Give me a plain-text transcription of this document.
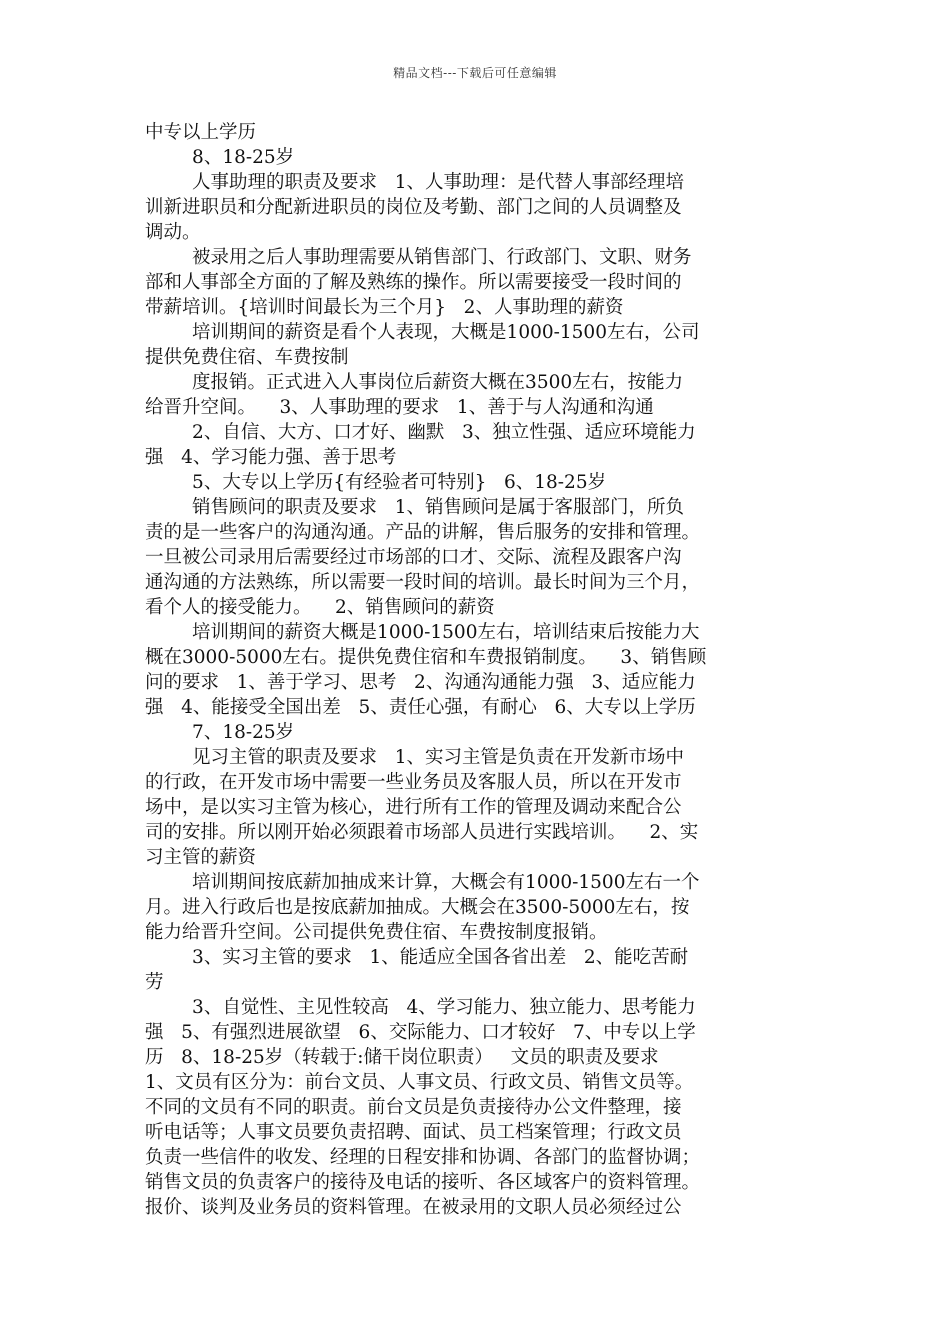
精品文档---下载后可任意编辑
中专以上学历
8、18-25岁
人事助理的职责及要求   1、人事助理：是代替人事部经理培
训新进职员和分配新进职员的岗位及考勤、部门之间的人员调整及
调动。
被录用之后人事助理需要从销售部门、行政部门、文职、财务
部和人事部全方面的了解及熟练的操作。所以需要接受一段时间的
带薪培训。{培训时间最长为三个月}   2、人事助理的薪资
培训期间的薪资是看个人表现，大概是1000-1500左右，公司
提供免费住宿、车费按制
度报销。正式进入人事岗位后薪资大概在3500左右，按能力
给晋升空间。    3、人事助理的要求   1、善于与人沟通和沟通
2、自信、大方、口才好、幽默   3、独立性强、适应环境能力
强   4、学习能力强、善于思考
5、大专以上学历{有经验者可特别}   6、18-25岁
销售顾问的职责及要求   1、销售顾问是属于客服部门，所负
责的是一些客户的沟通沟通。产品的讲解，售后服务的安排和管理。
一旦被公司录用后需要经过市场部的口才、交际、流程及跟客户沟
通沟通的方法熟练，所以需要一段时间的培训。最长时间为三个月，
看个人的接受能力。    2、销售顾问的薪资
培训期间的薪资大概是1000-1500左右，培训结束后按能力大
概在3000-5000左右。提供免费住宿和车费报销制度。    3、销售顾
问的要求   1、善于学习、思考   2、沟通沟通能力强   3、适应能力
强   4、能接受全国出差   5、责任心强，有耐心   6、大专以上学历
7、18-25岁
见习主管的职责及要求   1、实习主管是负责在开发新市场中
的行政，在开发市场中需要一些业务员及客服人员，所以在开发市
场中，是以实习主管为核心，进行所有工作的管理及调动来配合公
司的安排。所以刚开始必须跟着市场部人员进行实践培训。    2、实
习主管的薪资
培训期间按底薪加抽成来计算，大概会有1000-1500左右一个
月。进入行政后也是按底薪加抽成。大概会在3500-5000左右，按
能力给晋升空间。公司提供免费住宿、车费按制度报销。
3、实习主管的要求   1、能适应全国各省出差   2、能吃苦耐
劳
3、自觉性、主见性较高   4、学习能力、独立能力、思考能力
强   5、有强烈进展欲望   6、交际能力、口才较好   7、中专以上学
历   8、18-25岁（转载于:储干岗位职责）   文员的职责及要求
1、文员有区分为：前台文员、人事文员、行政文员、销售文员等。
不同的文员有不同的职责。前台文员是负责接待办公文件整理，接
听电话等；人事文员要负责招聘、面试、员工档案管理；行政文员
负责一些信件的收发、经理的日程安排和协调、各部门的监督协调；
销售文员的负责客户的接待及电话的接听、各区域客户的资料管理。
报价、谈判及业务员的资料管理。在被录用的文职人员必须经过公
